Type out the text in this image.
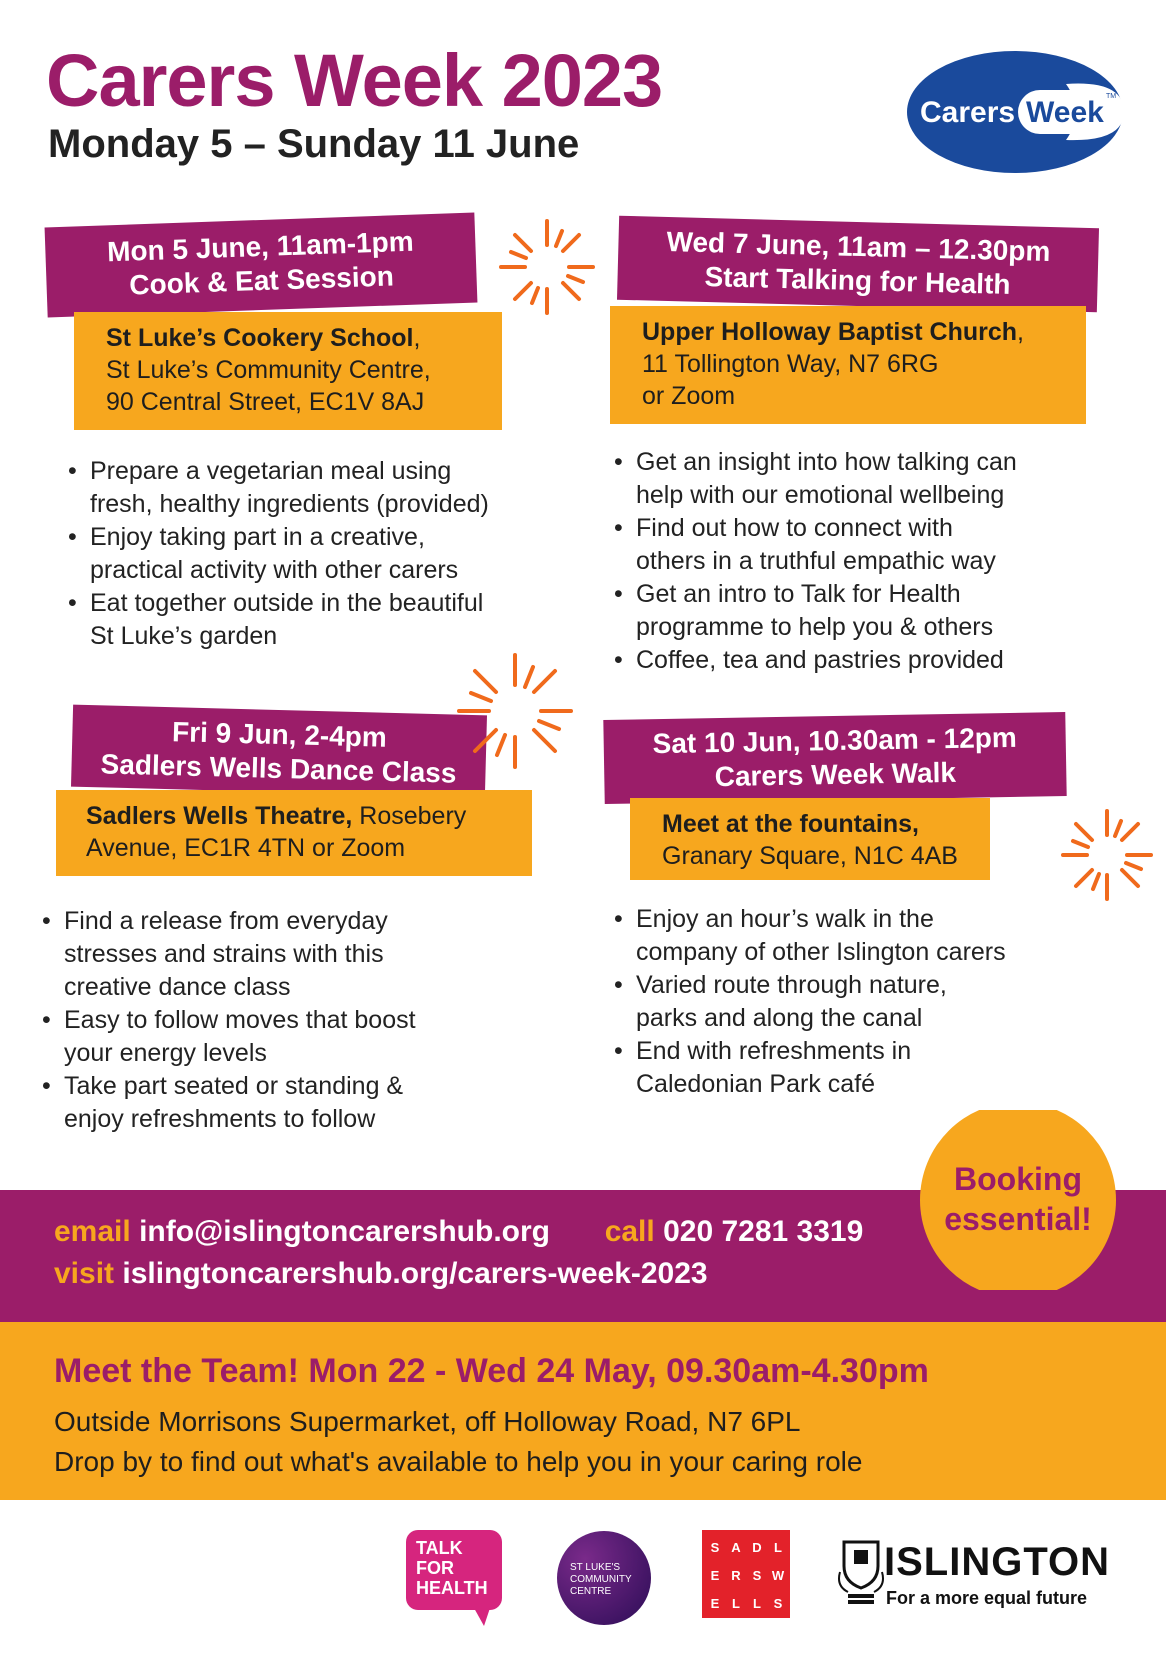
Carers Week 2023
Monday 5 – Sunday 11 June
Carers Week TM
Mon 5 June, 11am-1pm
Cook & Eat Session
St Luke’s Cookery School,
St Luke’s Community Centre,
90 Central Street, EC1V 8AJ
• Prepare a vegetarian meal using
fresh, healthy ingredients (provided)
• Enjoy taking part in a creative,
practical activity with other carers
• Eat together outside in the beautiful
St Luke’s garden
Wed 7 June, 11am – 12.30pm
Start Talking for Health
Upper Holloway Baptist Church,
11 Tollington Way, N7 6RG
or Zoom
• Get an insight into how talking can
help with our emotional wellbeing
• Find out how to connect with
others in a truthful empathic way
• Get an intro to Talk for Health
programme to help you & others
• Coffee, tea and pastries provided
Fri 9 Jun, 2-4pm
Sadlers Wells Dance Class
Sadlers Wells Theatre, Rosebery
Avenue, EC1R 4TN or Zoom
• Find a release from everyday
stresses and strains with this
creative dance class
• Easy to follow moves that boost
your energy levels
• Take part seated or standing &
enjoy refreshments to follow
Sat 10 Jun, 10.30am - 12pm
Carers Week Walk
Meet at the fountains,
Granary Square, N1C 4AB
• Enjoy an hour’s walk in the
company of other Islington carers
• Varied route through nature,
parks and along the canal
• End with refreshments in
Caledonian Park café
email info@islingtoncarershub.org call 020 7281 3319
visit islingtoncarershub.org/carers-week-2023
Booking
essential!
Meet the Team! Mon 22 - Wed 24 May, 09.30am-4.30pm
Outside Morrisons Supermarket, off Holloway Road, N7 6PL
Drop by to find out what's available to help you in your caring role
TALK
FOR
HEALTH
ST LUKE'S
COMMUNITY
CENTRE
S A D L
E R S W
E L L S
ISLINGTON
For a more equal future
